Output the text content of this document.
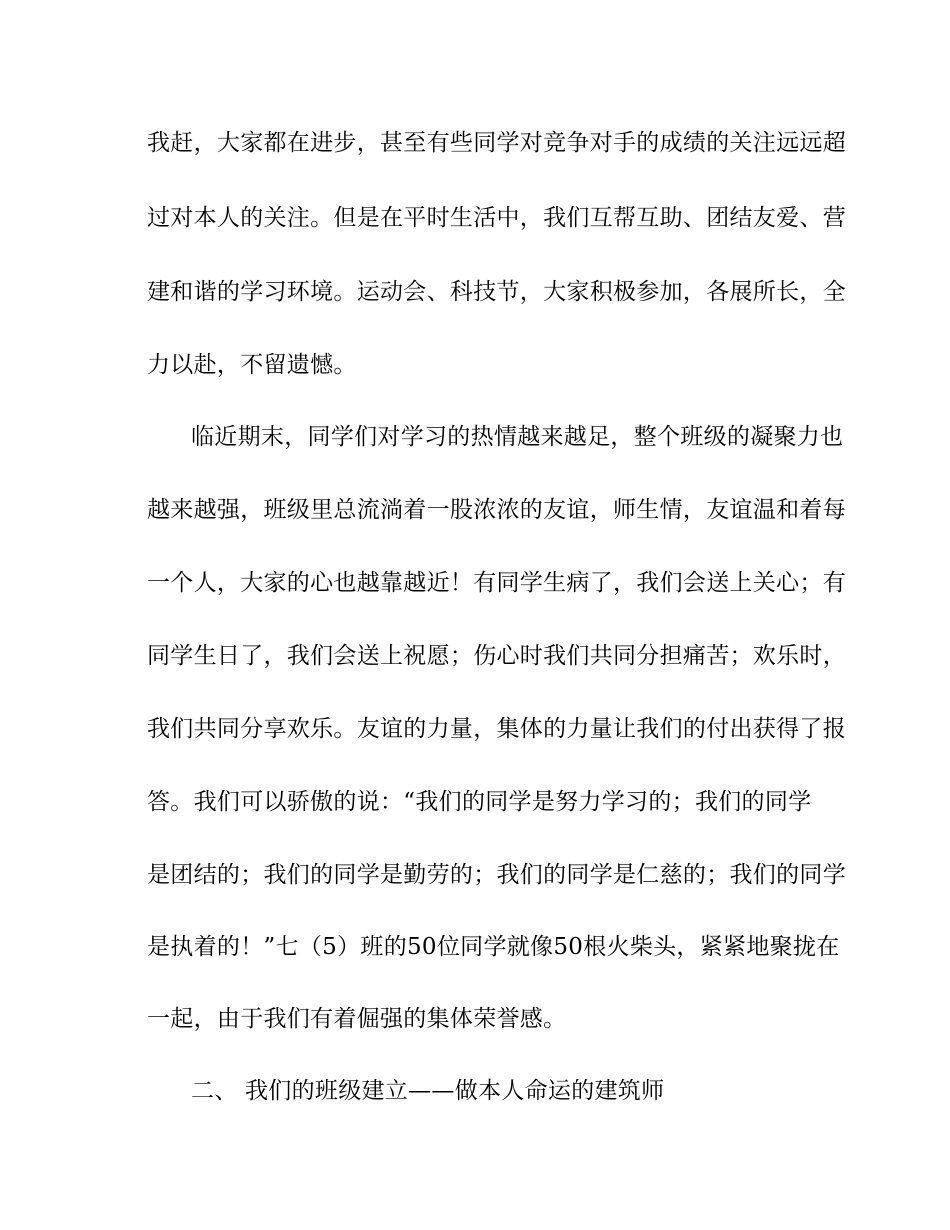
我赶，大家都在进步，甚至有些同学对竞争对手的成绩的关注远远超

过对本人的关注。但是在平时生活中，我们互帮互助、团结友爱、营

建和谐的学习环境。运动会、科技节，大家积极参加，各展所长，全

力以赴，不留遗憾。

临近期末，同学们对学习的热情越来越足，整个班级的凝聚力也

越来越强，班级里总流淌着一股浓浓的友谊，师生情，友谊温和着每

一个人，大家的心也越靠越近！有同学生病了，我们会送上关心；有

同学生日了，我们会送上祝愿；伤心时我们共同分担痛苦；欢乐时，

我们共同分享欢乐。友谊的力量，集体的力量让我们的付出获得了报

答。我们可以骄傲的说：“我们的同学是努力学习的；我们的同学

是团结的；我们的同学是勤劳的；我们的同学是仁慈的；我们的同学

是执着的！”七（5）班的50位同学就像50根火柴头，紧紧地聚拢在

一起，由于我们有着倔强的集体荣誉感。

二、 我们的班级建立——做本人命运的建筑师
